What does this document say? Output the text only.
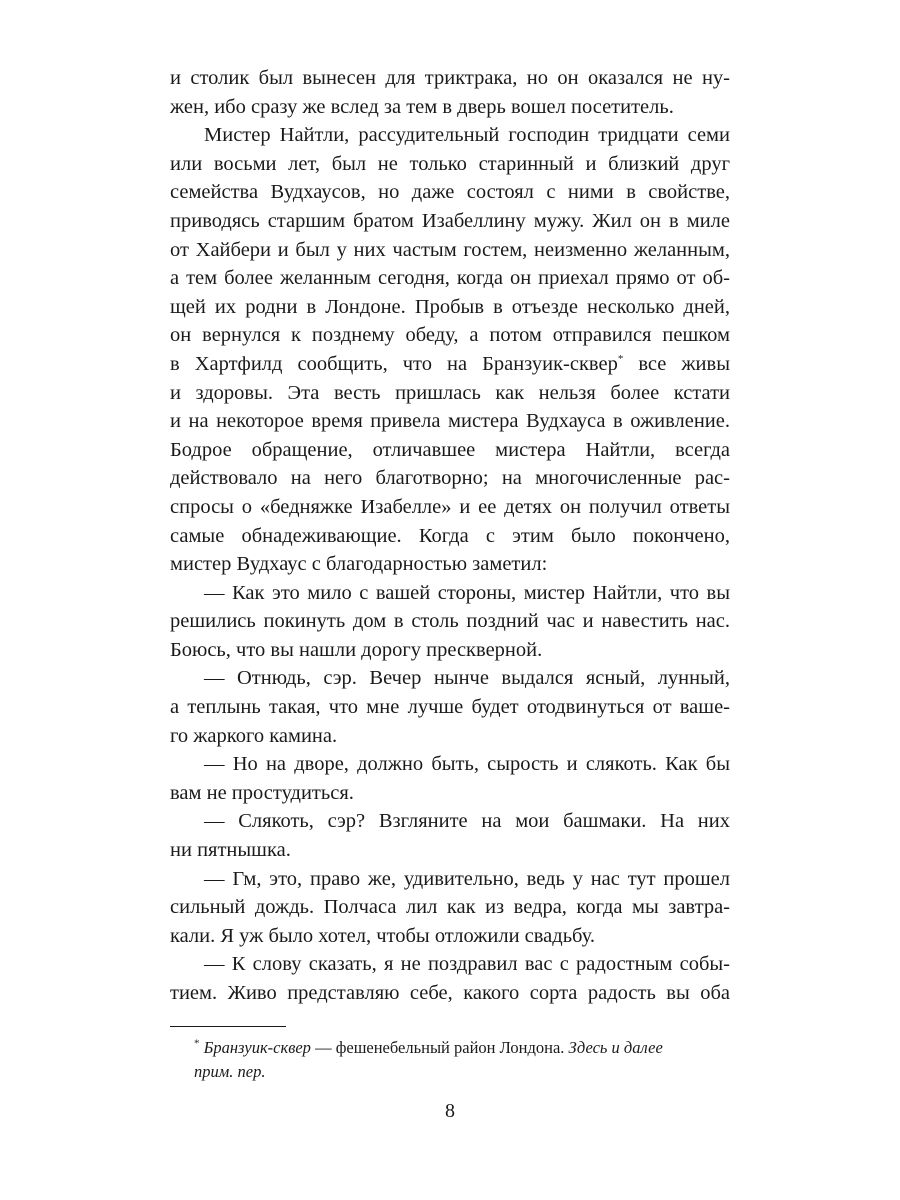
и столик был вынесен для триктрака, но он оказался не ну-
жен, ибо сразу же вслед за тем в дверь вошел посетитель.
Мистер Найтли, рассудительный господин тридцати семи
или восьми лет, был не только старинный и близкий друг
семейства Вудхаусов, но даже состоял с ними в свойстве,
приводясь старшим братом Изабеллину мужу. Жил он в миле
от Хайбери и был у них частым гостем, неизменно желанным,
а тем более желанным сегодня, когда он приехал прямо от об-
щей их родни в Лондоне. Пробыв в отъезде несколько дней,
он вернулся к позднему обеду, а потом отправился пешком
в Хартфилд сообщить, что на Бранзуик-сквер* все живы
и здоровы. Эта весть пришлась как нельзя более кстати
и на некоторое время привела мистера Вудхауса в оживление.
Бодрое обращение, отличавшее мистера Найтли, всегда
действовало на него благотворно; на многочисленные рас-
спросы о «бедняжке Изабелле» и ее детях он получил ответы
самые обнадеживающие. Когда с этим было покончено,
мистер Вудхаус с благодарностью заметил:
— Как это мило с вашей стороны, мистер Найтли, что вы
решились покинуть дом в столь поздний час и навестить нас.
Боюсь, что вы нашли дорогу прескверной.
— Отнюдь, сэр. Вечер нынче выдался ясный, лунный,
а теплынь такая, что мне лучше будет отодвинуться от ваше-
го жаркого камина.
— Но на дворе, должно быть, сырость и слякоть. Как бы
вам не простудиться.
— Слякоть, сэр? Взгляните на мои башмаки. На них
ни пятнышка.
— Гм, это, право же, удивительно, ведь у нас тут прошел
сильный дождь. Полчаса лил как из ведра, когда мы завтра-
кали. Я уж было хотел, чтобы отложили свадьбу.
— К слову сказать, я не поздравил вас с радостным собы-
тием. Живо представляю себе, какого сорта радость вы оба
* Бранзуик-сквер — фешенебельный район Лондона. Здесь и далее
прим. пер.
8
